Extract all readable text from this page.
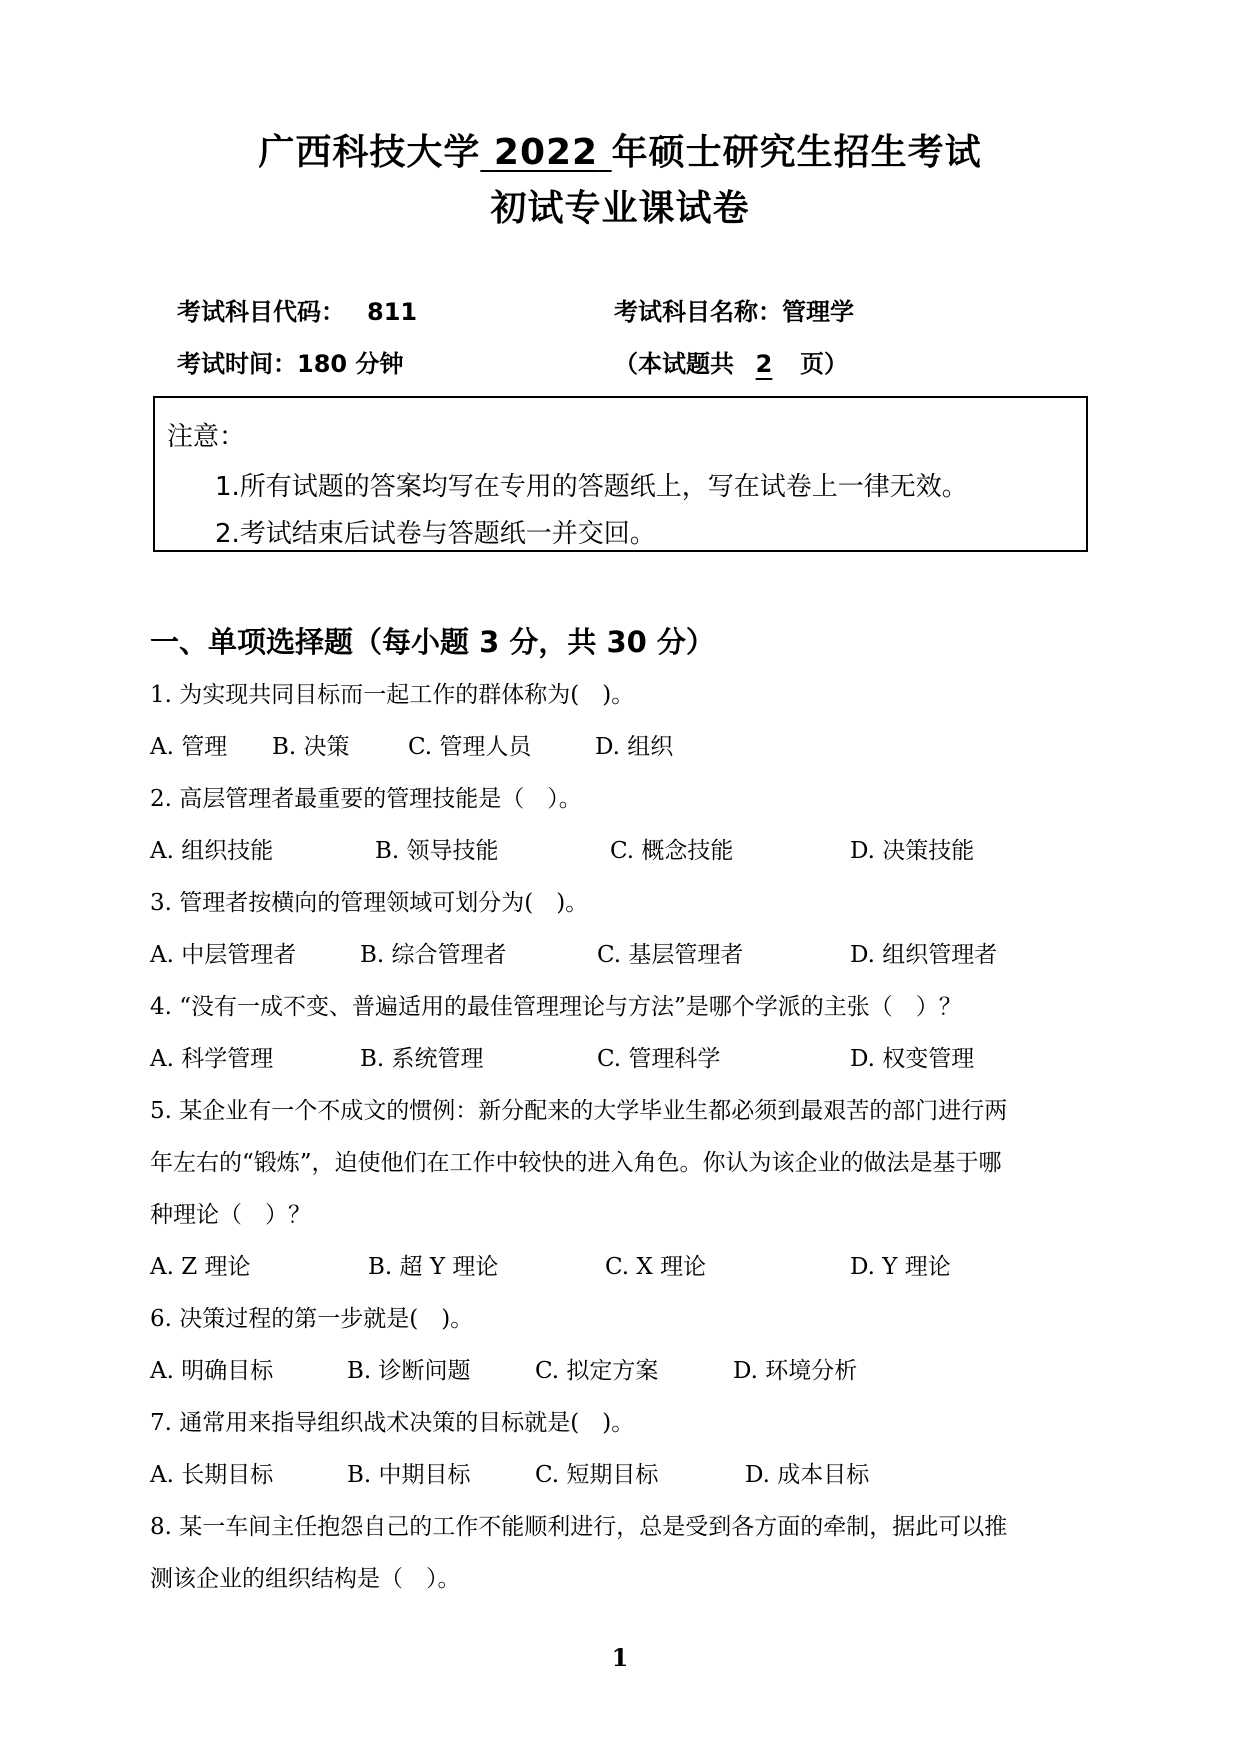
广西科技大学 2022 年硕士研究生招生考试
初试专业课试卷
考试科目代码： 811	考试科目名称：管理学
考试时间：180 分钟	（本试题共 2 页）
注意：
1.所有试题的答案均写在专用的答题纸上，写在试卷上一律无效。
2.考试结束后试卷与答题纸一并交回。
一、单项选择题（每小题 3 分，共 30 分）
1. 为实现共同目标而一起工作的群体称为(　)。
A. 管理 B. 决策	C. 管理人员	D. 组织
2. 高层管理者最重要的管理技能是（　）。
A. 组织技能	B. 领导技能	C. 概念技能	D. 决策技能
3. 管理者按横向的管理领域可划分为(　)。
A. 中层管理者	B. 综合管理者	C. 基层管理者	D. 组织管理者
4. “没有一成不变、普遍适用的最佳管理理论与方法”是哪个学派的主张（　）？
A. 科学管理	B. 系统管理	C. 管理科学	D. 权变管理
5. 某企业有一个不成文的惯例：新分配来的大学毕业生都必须到最艰苦的部门进行两
年左右的“锻炼”，迫使他们在工作中较快的进入角色。你认为该企业的做法是基于哪
种理论（　）？
A. Z 理论	B. 超 Y 理论	C. X 理论	D. Y 理论
6. 决策过程的第一步就是(　)。
A. 明确目标	B. 诊断问题	C. 拟定方案	D. 环境分析
7. 通常用来指导组织战术决策的目标就是(　)。
A. 长期目标	B. 中期目标	C. 短期目标	D. 成本目标
8. 某一车间主任抱怨自己的工作不能顺利进行，总是受到各方面的牵制，据此可以推
测该企业的组织结构是（　）。
1
